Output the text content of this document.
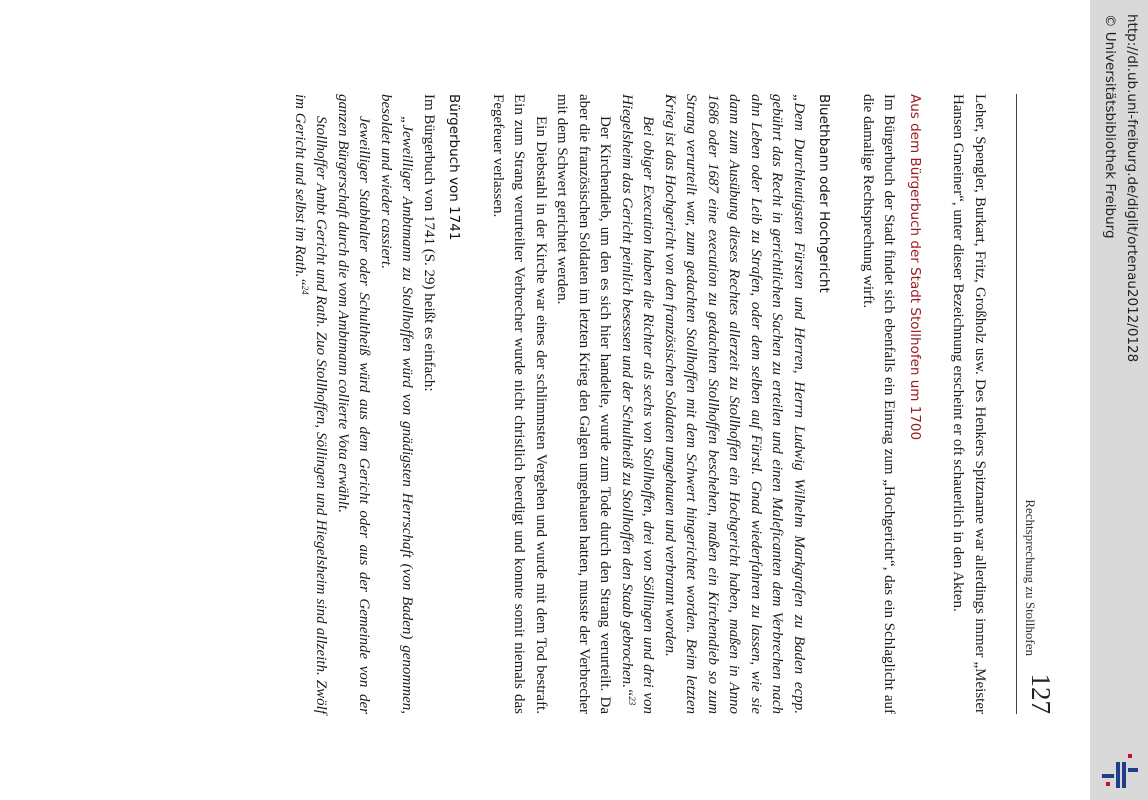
Rechtsprechung zu Stollhofen
127

Leher, Spengler, Burkart, Fritz, Großholz usw. Des Henkers Spitzname war allerdings immer „Meister Hansen Gmeiner“, unter dieser Bezeichnung erscheint er oft schauerlich in den Akten.

Aus dem Bürgerbuch der Stadt Stollhofen um 1700

Im Bürgerbuch der Stadt findet sich ebenfalls ein Eintrag zum „Hochgericht“, das ein Schlaglicht auf die damalige Rechtsprechung wirft.

Bluethbann oder Hochgericht

„Dem Durchleutigsten Fürsten und Herren, Herrn Ludwig Wilhelm Markgrafen zu Baden ecpp. gebührt das Recht in gerichtlichen Sachen zu erteilen und einen Maleficanten dem Verbrechen nach ahn Leben oder Leib zu Strafen, oder dem selben auf Fürstl. Gnad wiederfahren zu lassen, wie sie dann zum Ausübung dieses Rechtes allerzeit zu Stollhoffen ein Hochgericht haben, maßen in Anno 1686 oder 1687 eine execution zu gedachten Stollhoffen beschehen, maßen ein Kirchendieb so zum Strang verurteilt war, zum gedachten Stollhoffen mit dem Schwert hingerichtet worden. Beim letzten Krieg ist das Hochgericht von den französischen Soldaten umgehauen und verbrannt worden.

Bei obiger Execution haben die Richter als sechs von Stollhoffen, drei von Söllingen und drei von Hiegelsheim das Gericht peinlich besessen und der Schultheiß zu Stollhoffen den Staab gebrochen.“$^{23}$

Der Kirchendieb, um den es sich hier handelte, wurde zum Tode durch den Strang verurteilt. Da aber die französischen Soldaten im letzten Krieg den Galgen umgehauen hatten, musste der Verbrecher mit dem Schwert gerichtet werden.

Ein Diebstahl in der Kirche war eines der schlimmsten Vergehen und wurde mit dem Tod bestraft. Ein zum Strang verurteilter Verbrecher wurde nicht christlich beerdigt und konnte somit niemals das Fegefeuer verlassen.

Bürgerbuch von 1741

Im Bürgerbuch von 1741 (S. 29) heißt es einfach:

„Jeweilliger Ambtmann zu Stollhoffen würd von gnädigsten Herrschaft (von Baden) genommen, besoldet und wieder cassiert.

Jeweilliger Stabhalter oder Schultheiß würd aus dem Gericht oder aus der Gemeinde von der ganzen Bürgerschaft durch die vom Ambtmann collierte Vota erwählt.

Stollhoffer Ambt Gericht und Rath. Zuo Stollhoffen, Söllingen und Hiegelsheim sind allzeith. Zwölf im Gericht und selbst im Rath.“$^{24}$	http://dl.ub.uni-freiburg.de/diglit/ortenau2012/0128
© Universitätsbibliothek Freiburg
